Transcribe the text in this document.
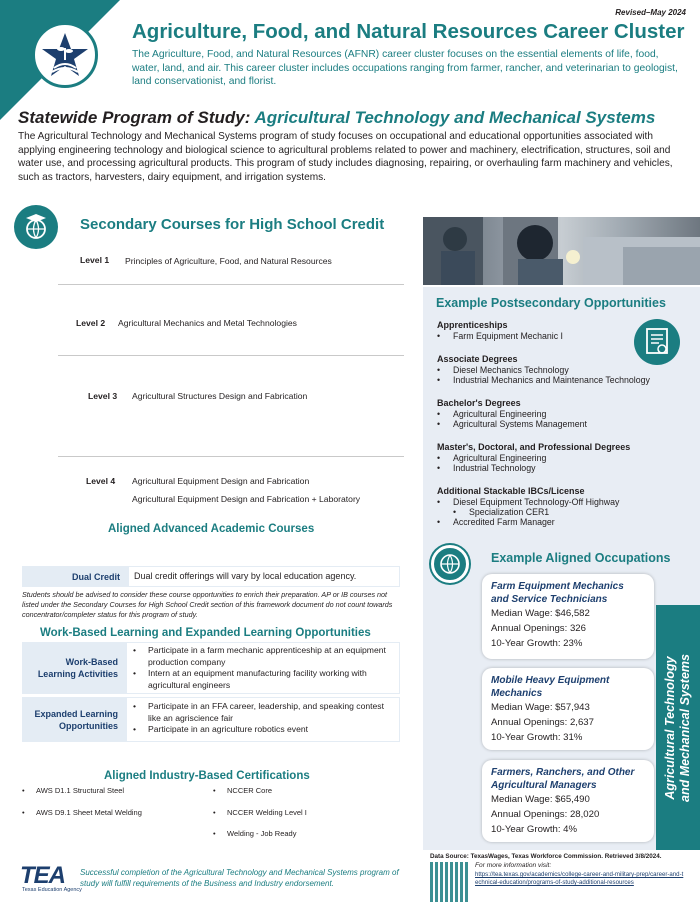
Revised–May 2024
Agriculture, Food, and Natural Resources Career Cluster
The Agriculture, Food, and Natural Resources (AFNR) career cluster focuses on the essential elements of life, food, water, land, and air. This career cluster includes occupations ranging from farmer, rancher, and veterinarian to geologist, land conservationist, and florist.
Statewide Program of Study: Agricultural Technology and Mechanical Systems
The Agricultural Technology and Mechanical Systems program of study focuses on occupational and educational opportunities associated with applying engineering technology and biological science to agricultural problems related to power and machinery, electrification, structures, soil and water use, and processing agricultural products. This program of study includes diagnosing, repairing, or overhauling farm machinery and vehicles, such as tractors, harvesters, dairy equipment, and irrigation systems.
Secondary Courses for High School Credit
Level 1 Principles of Agriculture, Food, and Natural Resources
Level 2 Agricultural Mechanics and Metal Technologies
Level 3 Agricultural Structures Design and Fabrication
Level 4 Agricultural Equipment Design and Fabrication
Agricultural Equipment Design and Fabrication + Laboratory
Aligned Advanced Academic Courses
Dual Credit	Dual credit offerings will vary by local education agency.
Students should be advised to consider these course opportunities to enrich their preparation. AP or IB courses not listed under the Secondary Courses for High School Credit section of this framework document do not count towards concentrator/completer status for this program of study.
Work-Based Learning and Expanded Learning Opportunities
Work-Based Learning Activities
•	Participate in a farm mechanic apprenticeship at an equipment production company
•	Intern at an equipment manufacturing facility working with agricultural engineers
Expanded Learning Opportunities
•	Participate in an FFA career, leadership, and speaking contest like an agriscience fair
•	Participate in an agriculture robotics event
Aligned Industry-Based Certifications
• AWS D1.1 Structural Steel	• NCCER Core
• AWS D9.1 Sheet Metal Welding	• NCCER Welding Level I
• Welding - Job Ready
Example Postsecondary Opportunities
Apprenticeships
• Farm Equipment Mechanic I
Associate Degrees
• Diesel Mechanics Technology
• Industrial Mechanics and Maintenance Technology
Bachelor's Degrees
• Agricultural Engineering
• Agricultural Systems Management
Master's, Doctoral, and Professional Degrees
• Agricultural Engineering
• Industrial Technology
Additional Stackable IBCs/License
• Diesel Equipment Technology-Off Highway
• Specialization CER1
• Accredited Farm Manager
Agricultural Technology
and Mechanical Systems
Example Aligned Occupations
Farm Equipment Mechanics
and Service Technicians
Median Wage: $46,582
Annual Openings: 326
10-Year Growth: 23%
Mobile Heavy Equipment
Mechanics
Median Wage: $57,943
Annual Openings: 2,637
10-Year Growth: 31%
Farmers, Ranchers, and Other
Agricultural Managers
Median Wage: $65,490
Annual Openings: 28,020
10-Year Growth: 4%
TEA
Texas Education Agency
Successful completion of the Agricultural Technology and Mechanical Systems program of study will fulfill requirements of the Business and Industry endorsement.
Data Source: TexasWages, Texas Workforce Commission. Retrieved 3/8/2024.
For more information visit:
https://tea.texas.gov/academics/college-career-and-military-prep/career-and-technical-education/programs-of-study-additional-resources
